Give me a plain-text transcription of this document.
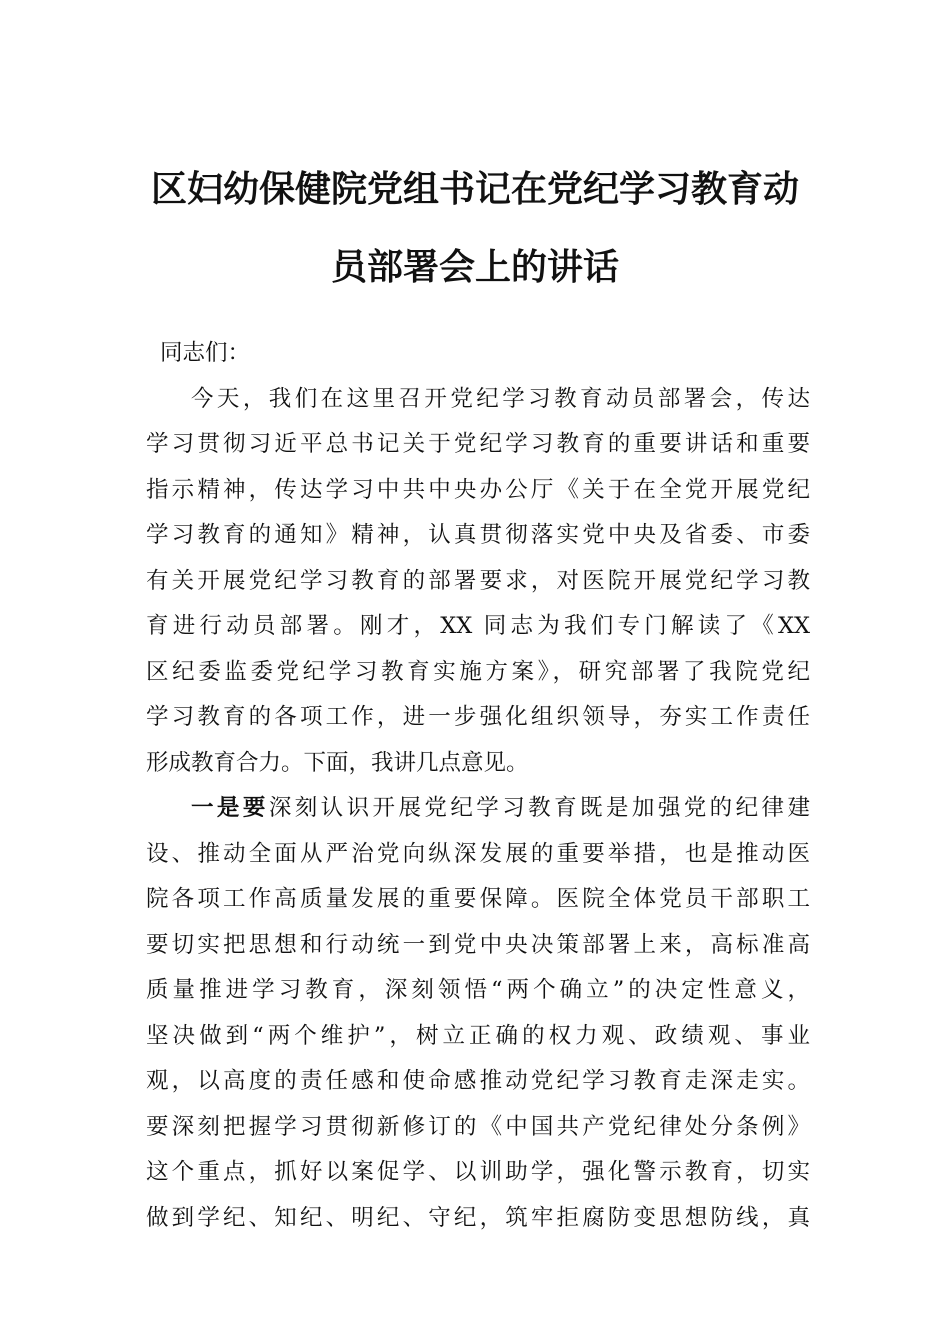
区妇幼保健院党组书记在党纪学习教育动
员部署会上的讲话
同志们：
今天，我们在这里召开党纪学习教育动员部署会，传达
学习贯彻习近平总书记关于党纪学习教育的重要讲话和重要
指示精神，传达学习中共中央办公厅《关于在全党开展党纪
学习教育的通知》精神，认真贯彻落实党中央及省委、市委
有关开展党纪学习教育的部署要求，对医院开展党纪学习教
育进行动员部署。刚才，XX 同志为我们专门解读了《XX
区纪委监委党纪学习教育实施方案》，研究部署了我院党纪
学习教育的各项工作，进一步强化组织领导，夯实工作责任
形成教育合力。下面，我讲几点意见。
一是要深刻认识开展党纪学习教育既是加强党的纪律建
设、推动全面从严治党向纵深发展的重要举措，也是推动医
院各项工作高质量发展的重要保障。医院全体党员干部职工
要切实把思想和行动统一到党中央决策部署上来，高标准高
质量推进学习教育，深刻领悟“两个确立”的决定性意义，
坚决做到“两个维护”，树立正确的权力观、政绩观、事业
观，以高度的责任感和使命感推动党纪学习教育走深走实。
要深刻把握学习贯彻新修订的《中国共产党纪律处分条例》
这个重点，抓好以案促学、以训助学，强化警示教育，切实
做到学纪、知纪、明纪、守纪，筑牢拒腐防变思想防线，真
